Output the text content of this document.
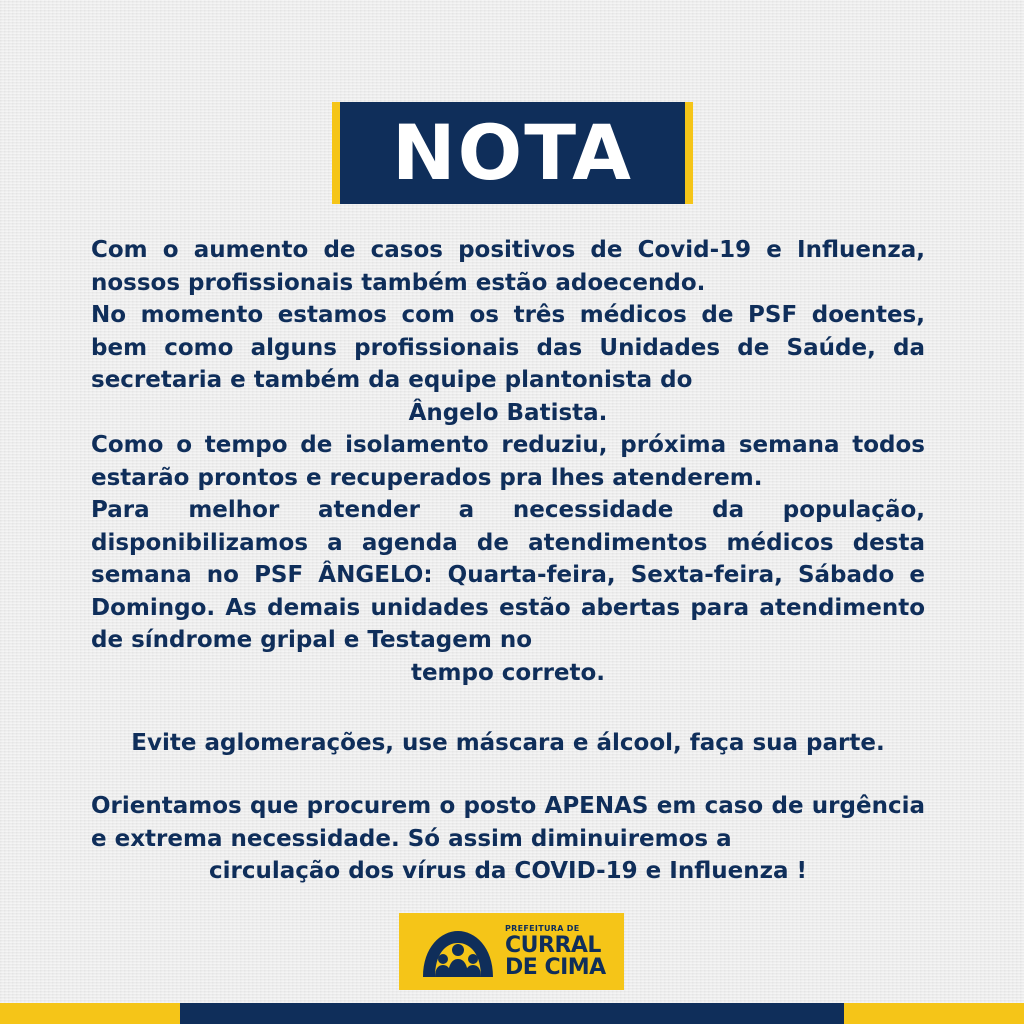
NOTA

Com o aumento de casos positivos de Covid-19 e Influenza, nossos profissionais também estão adoecendo.

No momento estamos com os três médicos de PSF doentes, bem como alguns profissionais das Unidades de Saúde, da secretaria e também da equipe plantonista do

Ângelo Batista.

Como o tempo de isolamento reduziu, próxima semana todos estarão prontos e recuperados pra lhes atenderem.

Para melhor atender a necessidade da população, disponibilizamos a agenda de atendimentos médicos desta semana no PSF ÂNGELO: Quarta-feira, Sexta-feira, Sábado e Domingo. As demais unidades estão abertas para atendimento de síndrome gripal e Testagem no

tempo correto.

Evite aglomerações, use máscara e álcool, faça sua parte.

Orientamos que procurem o posto APENAS em caso de urgência e extrema necessidade. Só assim diminuiremos a

circulação dos vírus da COVID-19 e Influenza !

PREFEITURA DE
CURRAL
DE CIMA
